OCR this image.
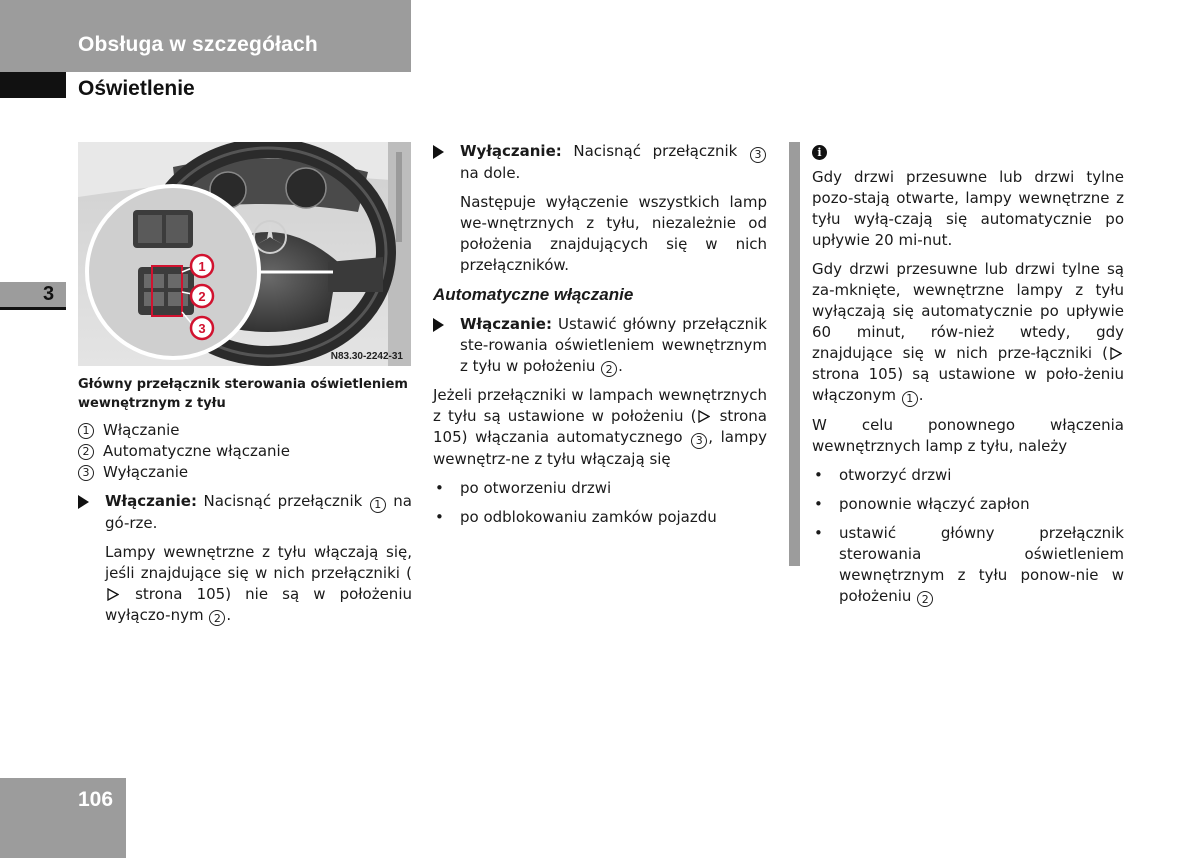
Obsługa w szczegółach
Oświetlenie
3
106
1
2
3
N83.30-2242-31
Główny przełącznik sterowania oświetleniem wewnętrznym z tyłu
1 Włączanie
2 Automatyczne włączanie
3 Wyłączanie
Włączanie: Nacisnąć przełącznik 1 na gó-rze.
Lampy wewnętrzne z tyłu włączają się, jeśli znajdujące się w nich przełączniki (
strona 105) nie są w położeniu wyłączo-nym 2 .
Wyłączanie: Nacisnąć przełącznik 3 na dole.
Następuje wyłączenie wszystkich lamp we-wnętrznych z tyłu, niezależnie od położenia znajdujących się w nich przełączników.
Automatyczne włączanie
Włączanie: Ustawić główny przełącznik ste-rowania oświetleniem wewnętrznym z tyłu w położeniu 2 .
Jeżeli przełączniki w lampach wewnętrznych z tyłu są ustawione w położeniu (
strona 105) włączania automatycznego 3 , lampy wewnętrz-ne z tyłu włączają się
• po otworzeniu drzwi
• po odblokowaniu zamków pojazdu
i
Gdy drzwi przesuwne lub drzwi tylne pozo-stają otwarte, lampy wewnętrzne z tyłu wyłą-czają się automatycznie po upływie 20 mi-nut.
Gdy drzwi przesuwne lub drzwi tylne są za-mknięte, wewnętrzne lampy z tyłu wyłączają się automatycznie po upływie 60 minut, rów-nież wtedy, gdy znajdujące się w nich prze-łączniki (
strona 105) są ustawione w poło-żeniu włączonym 1 .
W celu ponownego włączenia wewnętrznych lamp z tyłu, należy
• otworzyć drzwi
• ponownie włączyć zapłon
• ustawić główny przełącznik sterowania oświetleniem wewnętrznym z tyłu ponow-nie w położeniu 2
